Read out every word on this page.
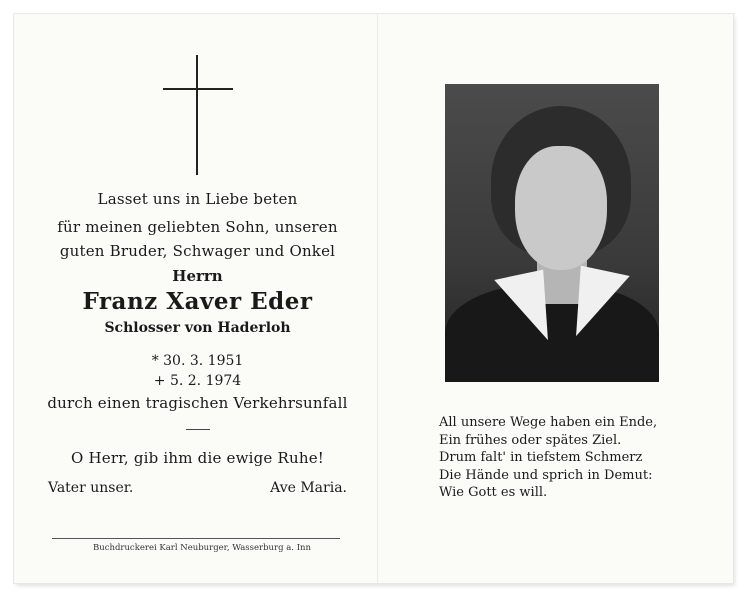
Lasset uns in Liebe beten
für meinen geliebten Sohn, unseren
guten Bruder, Schwager und Onkel
Herrn
Franz Xaver Eder
Schlosser von Haderloh
* 30. 3. 1951
+ 5. 2. 1974
durch einen tragischen Verkehrsunfall
O Herr, gib ihm die ewige Ruhe!
Vater unser.	Ave Maria.
Buchdruckerei Karl Neuburger, Wasserburg a. Inn
All unsere Wege haben ein Ende,
Ein frühes oder spätes Ziel.
Drum falt' in tiefstem Schmerz
Die Hände und sprich in Demut:
Wie Gott es will.
